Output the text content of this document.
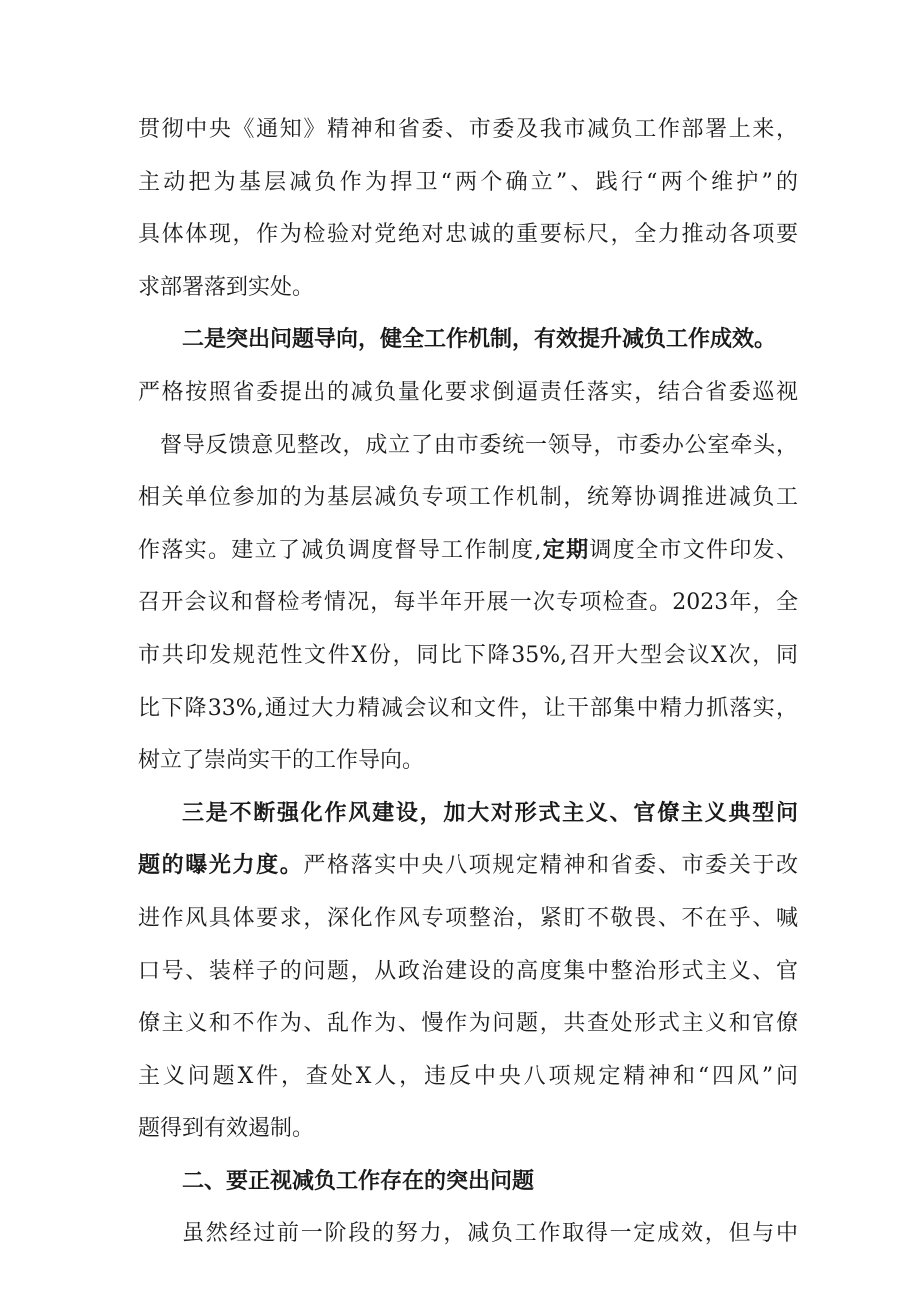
贯彻中央《通知》精神和省委、市委及我市减负工作部署上来，
主动把为基层减负作为捍卫“两个确立”、践行“两个维护”的
具体体现，作为检验对党绝对忠诚的重要标尺，全力推动各项要
求部署落到实处。
二是突出问题导向，健全工作机制，有效提升减负工作成效。
严格按照省委提出的减负量化要求倒逼责任落实，结合省委巡视
督导反馈意见整改，成立了由市委统一领导，市委办公室牵头，
相关单位参加的为基层减负专项工作机制，统筹协调推进减负工
作落实。建立了减负调度督导工作制度,定期调度全市文件印发、
召开会议和督检考情况，每半年开展一次专项检查。2023年，全
市共印发规范性文件X份，同比下降35%,召开大型会议X次，同
比下降33%,通过大力精减会议和文件，让干部集中精力抓落实，
树立了崇尚实干的工作导向。
三是不断强化作风建设，加大对形式主义、官僚主义典型问
题的曝光力度。严格落实中央八项规定精神和省委、市委关于改
进作风具体要求，深化作风专项整治，紧盯不敬畏、不在乎、喊
口号、装样子的问题，从政治建设的高度集中整治形式主义、官
僚主义和不作为、乱作为、慢作为问题，共查处形式主义和官僚
主义问题X件，查处X人，违反中央八项规定精神和“四风”问
题得到有效遏制。
二、要正视减负工作存在的突出问题
虽然经过前一阶段的努力，减负工作取得一定成效，但与中
